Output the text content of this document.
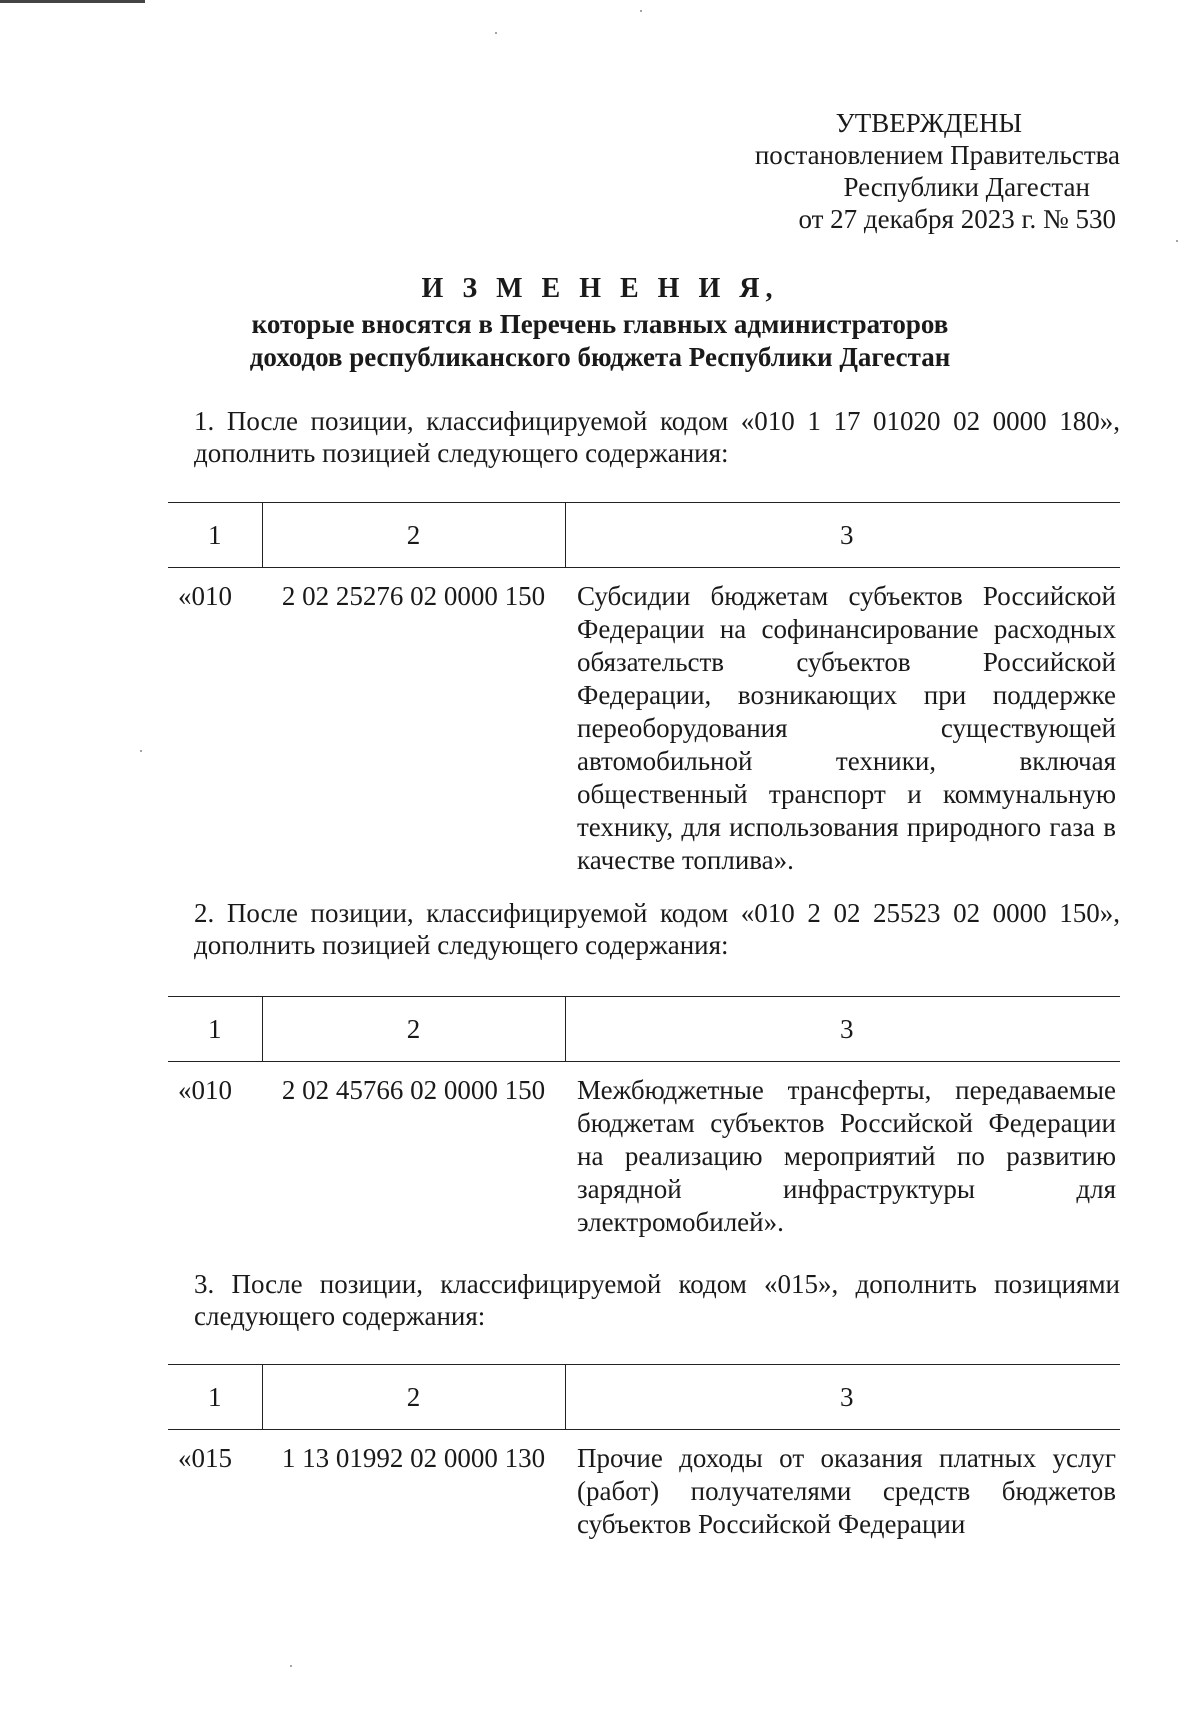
УТВЕРЖДЕНЫ
постановлением Правительства
Республики Дагестан
от 27 декабря 2023 г. № 530
И З М Е Н Е Н И Я,
которые вносятся в Перечень главных администраторов
доходов республиканского бюджета Республики Дагестан
1. После позиции, классифицируемой кодом «010 1 17 01020 02 0000 180», дополнить позицией следующего содержания:
1	2	3
«010	2 02 25276 02 0000 150	Субсидии бюджетам субъектов Российской Федерации на софинансирование расходных обязательств субъектов Российской Федерации, возникающих при поддержке переоборудования существующей автомобильной техники, включая общественный транспорт и коммунальную технику, для использования природного газа в качестве топлива».
2. После позиции, классифицируемой кодом «010 2 02 25523 02 0000 150», дополнить позицией следующего содержания:
1	2	3
«010	2 02 45766 02 0000 150	Межбюджетные трансферты, передаваемые бюджетам субъектов Российской Федерации на реализацию мероприятий по развитию зарядной инфраструктуры для электромобилей».
3. После позиции, классифицируемой кодом «015», дополнить позициями следующего содержания:
1	2	3
«015	1 13 01992 02 0000 130	Прочие доходы от оказания платных услуг (работ) получателями средств бюджетов субъектов Российской Федерации
